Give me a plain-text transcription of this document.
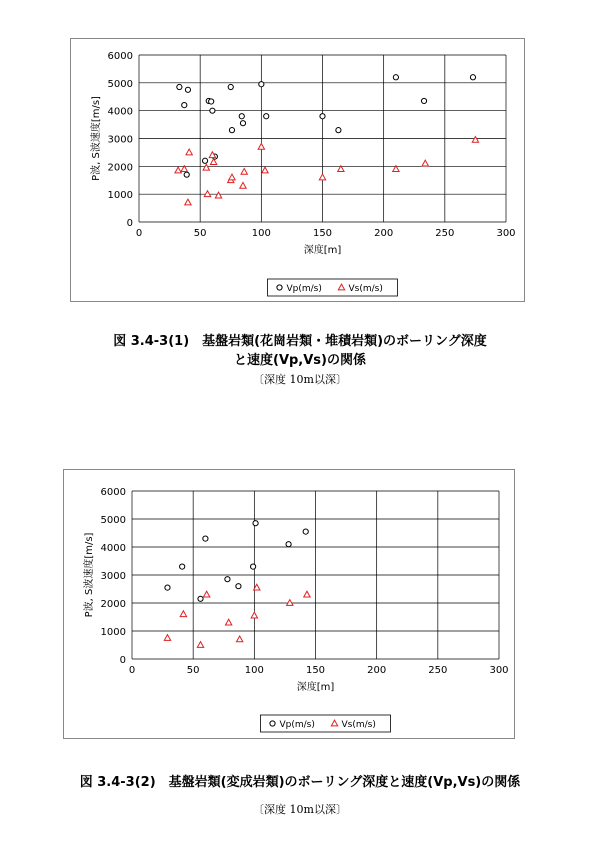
0	50	100	150	200	250	300
0
1000
2000
3000
4000
5000
6000
深度[m]
P波, S波速度[m/s]
Vp(m/s)	Vs(m/s)
図 3.4-3(1)　基盤岩類(花崗岩類・堆積岩類)のボーリング深度
と速度(Vp,Vs)の関係
〔深度 10m以深〕
0	50	100	150	200	250	300
0
1000
2000
3000
4000
5000
6000
深度[m]
P波, S波速度[m/s]
Vp(m/s)	Vs(m/s)
図 3.4-3(2)　基盤岩類(変成岩類)のボーリング深度と速度(Vp,Vs)の関係
〔深度 10m以深〕
